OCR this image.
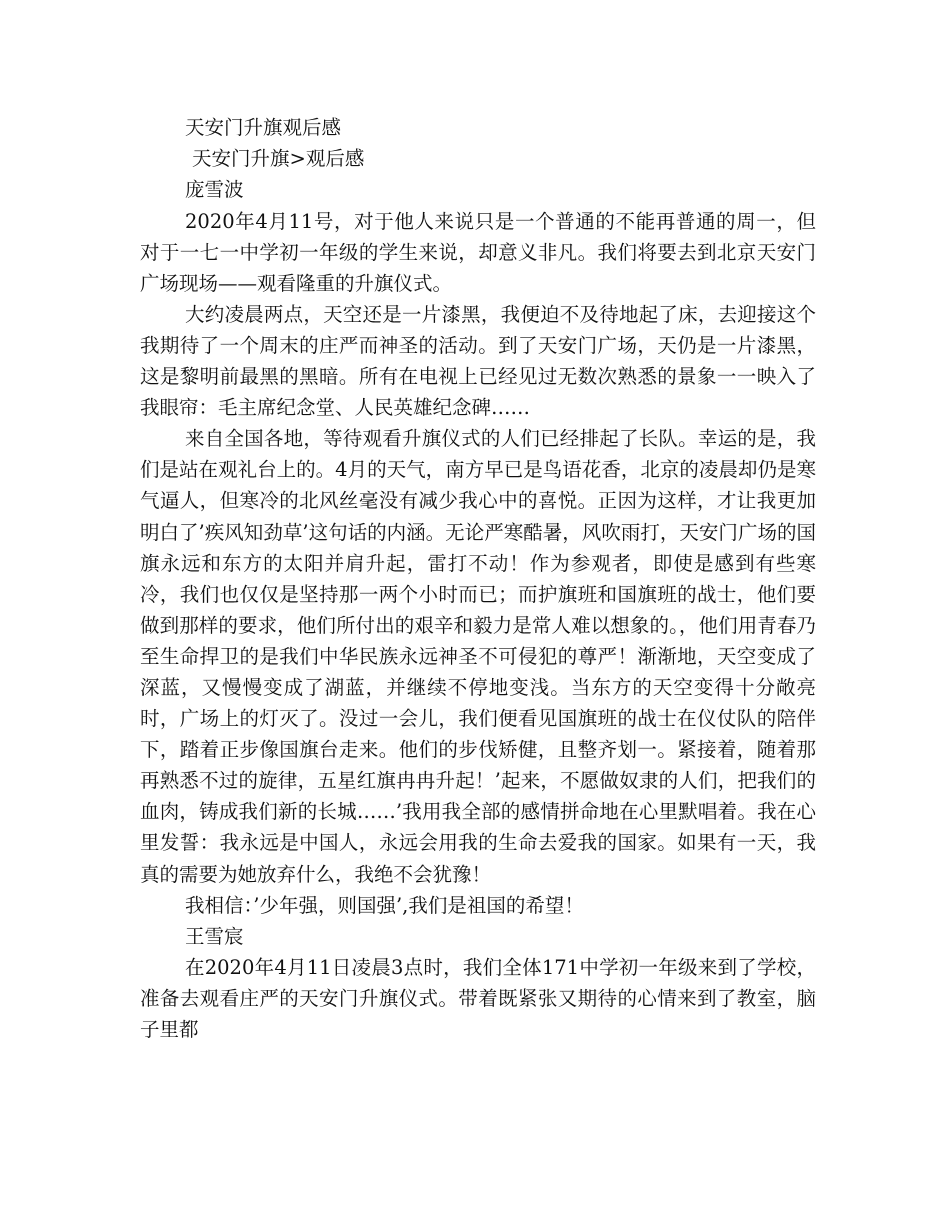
天安门升旗观后感

天安门升旗>观后感

庞雪波

2020年4月11号，对于他人来说只是一个普通的不能再普通的周一，但对于一七一中学初一年级的学生来说，却意义非凡。我们将要去到北京天安门广场现场——观看隆重的升旗仪式。

大约凌晨两点，天空还是一片漆黑，我便迫不及待地起了床，去迎接这个我期待了一个周末的庄严而神圣的活动。到了天安门广场，天仍是一片漆黑，这是黎明前最黑的黑暗。所有在电视上已经见过无数次熟悉的景象一一映入了我眼帘：毛主席纪念堂、人民英雄纪念碑……

来自全国各地，等待观看升旗仪式的人们已经排起了长队。幸运的是，我们是站在观礼台上的。4月的天气，南方早已是鸟语花香，北京的凌晨却仍是寒气逼人，但寒冷的北风丝毫没有减少我心中的喜悦。正因为这样，才让我更加明白了’疾风知劲草’这句话的内涵。无论严寒酷暑，风吹雨打，天安门广场的国旗永远和东方的太阳并肩升起，雷打不动！作为参观者，即使是感到有些寒冷，我们也仅仅是坚持那一两个小时而已；而护旗班和国旗班的战士，他们要做到那样的要求，他们所付出的艰辛和毅力是常人难以想象的。，他们用青春乃至生命捍卫的是我们中华民族永远神圣不可侵犯的尊严！渐渐地，天空变成了深蓝，又慢慢变成了湖蓝，并继续不停地变浅。当东方的天空变得十分敞亮时，广场上的灯灭了。没过一会儿，我们便看见国旗班的战士在仪仗队的陪伴下，踏着正步像国旗台走来。他们的步伐矫健，且整齐划一。紧接着，随着那再熟悉不过的旋律，五星红旗冉冉升起！’起来，不愿做奴隶的人们，把我们的血肉，铸成我们新的长城……’我用我全部的感情拼命地在心里默唱着。我在心里发誓：我永远是中国人，永远会用我的生命去爱我的国家。如果有一天，我真的需要为她放弃什么，我绝不会犹豫！

我相信：’少年强，则国强’,我们是祖国的希望！

王雪宸

在2020年4月11日凌晨3点时，我们全体171中学初一年级来到了学校，准备去观看庄严的天安门升旗仪式。带着既紧张又期待的心情来到了教室，脑子里都
